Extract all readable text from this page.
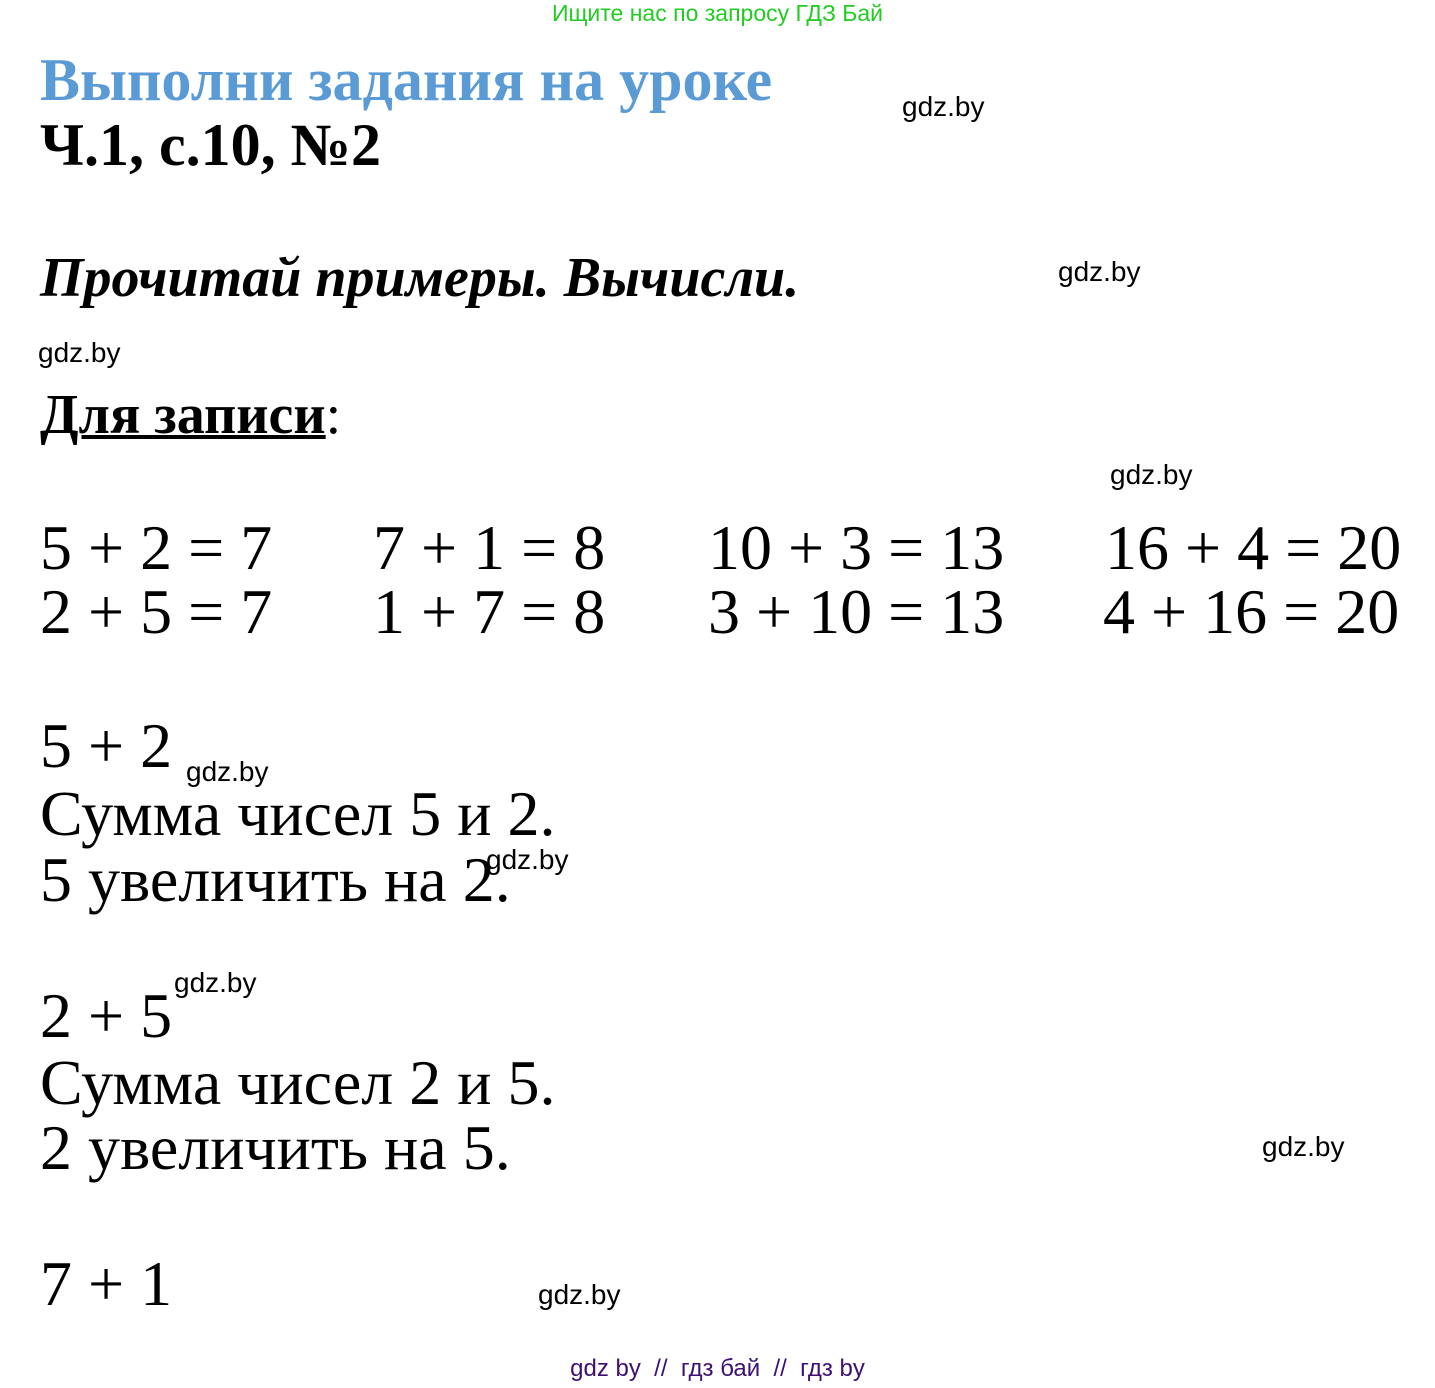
Ищите нас по запросу ГДЗ Бай
Выполни задания на уроке
Ч.1, с.10, №2
Прочитай примеры. Вычисли.
Для записи:
5 + 2 = 7 7 + 1 = 8 10 + 3 = 13 16 + 4 = 20
2 + 5 = 7 1 + 7 = 8 3 + 10 = 13 4 + 16 = 20
5 + 2
Сумма чисел 5 и 2.
5 увеличить на 2.
2 + 5
Сумма чисел 2 и 5.
2 увеличить на 5.
7 + 1
gdz.by
gdz.by
gdz.by
gdz.by
gdz.by
gdz.by
gdz.by
gdz.by
gdz.by
gdz by  //  гдз бай  //  гдз by
